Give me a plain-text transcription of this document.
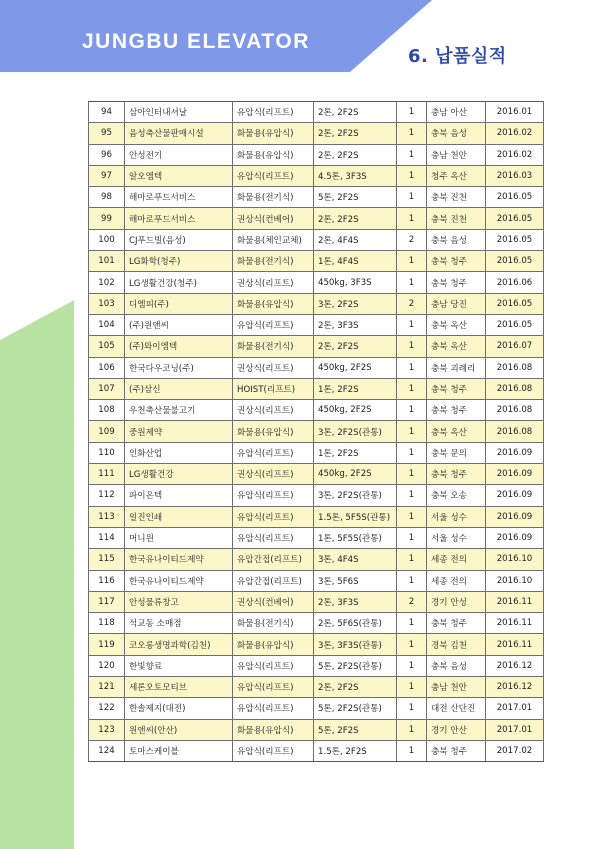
JUNGBU ELEVATOR
6. 납품실적
94	삼아인터내셔날	유압식(리프트)	2톤, 2F2S	1	충남 아산	2016.01
95	음성축산물판매시설	화물용(유압식)	2톤, 2F2S	1	충북 음성	2016.02
96	안성전기	화물용(유압식)	2톤, 2F2S	1	충남 천안	2016.02
97	알오엠텍	유압식(리프트)	4.5톤, 3F3S	1	청주 옥산	2016.03
98	해마로푸드서비스	화물용(전기식)	5톤, 2F2S	1	충북 진천	2016.05
99	해마로푸드서비스	권상식(컨베어)	2톤, 2F2S	1	충북 진천	2016.05
100	CJ푸드빌(음성)	화물용(체인교체)	2톤, 4F4S	2	충북 음성	2016.05
101	LG화학(청주)	화물용(전기식)	1톤, 4F4S	1	충북 청주	2016.05
102	LG생활건강(청주)	권상식(리프트)	450kg, 3F3S	1	충북 청주	2016.06
103	디엠피(주)	화물용(유압식)	3톤, 2F2S	2	충남 당진	2016.05
104	(주)원앤씨	유압식(리프트)	2톤, 3F3S	1	충북 옥산	2016.05
105	(주)와이엠텍	화물용(전기식)	2톤, 2F2S	1	충북 옥산	2016.07
106	한국다우코닝(주)	권상식(리프트)	450kg, 2F2S	1	충북 괴례리	2016.08
107	(주)삼신	HOIST(리프트)	1톤, 2F2S	1	충북 청주	2016.08
108	우천축산물불고기	권상식(리프트)	450kg, 2F2S	1	충북 청주	2016.08
109	중원제약	화물용(유압식)	3톤, 2F2S(관통)	1	충북 옥산	2016.08
110	인화산업	유압식(리프트)	1톤, 2F2S	1	충북 문의	2016.09
111	LG생활건강	권상식(리프트)	450kg, 2F2S	1	충북 청주	2016.09
112	파이온텍	유압식(리프트)	3톤, 2F2S(관통)	1	충북 오송	2016.09
113	일진인쇄	유압식(리프트)	1.5톤, 5F5S(관통)	1	서울 성수	2016.09
114	머니원	유압식(리프트)	1톤, 5F5S(관통)	1	서울 성수	2016.09
115	한국유나이티드제약	유압간접(리프트)	3톤, 4F4S	1	세종 전의	2016.10
116	한국유나이티드제약	유압간접(리프트)	3톤, 5F6S	1	세종 전의	2016.10
117	안성물류창고	권상식(컨베어)	2톤, 3F3S	2	경기 안성	2016.11
118	석교동 소매점	화물용(전기식)	2톤, 5F6S(관통)	1	충북 청주	2016.11
119	코오롱생명과학(김천)	화물용(유압식)	3톤, 3F3S(관통)	1	경북 김천	2016.11
120	한빛향료	유압식(리프트)	5톤, 2F2S(관통)	1	충북 음성	2016.12
121	세론오토모티브	유압식(리프트)	2톤, 2F2S	1	충남 천안	2016.12
122	한솔제지(대전)	유압식(리프트)	5톤, 2F2S(관통)	1	대전 산단진	2017.01
123	원앤씨(안산)	화물용(유압식)	5톤, 2F2S	1	경기 안산	2017.01
124	토마스케이블	유압식(리프트)	1.5톤, 2F2S	1	충북 청주	2017.02
